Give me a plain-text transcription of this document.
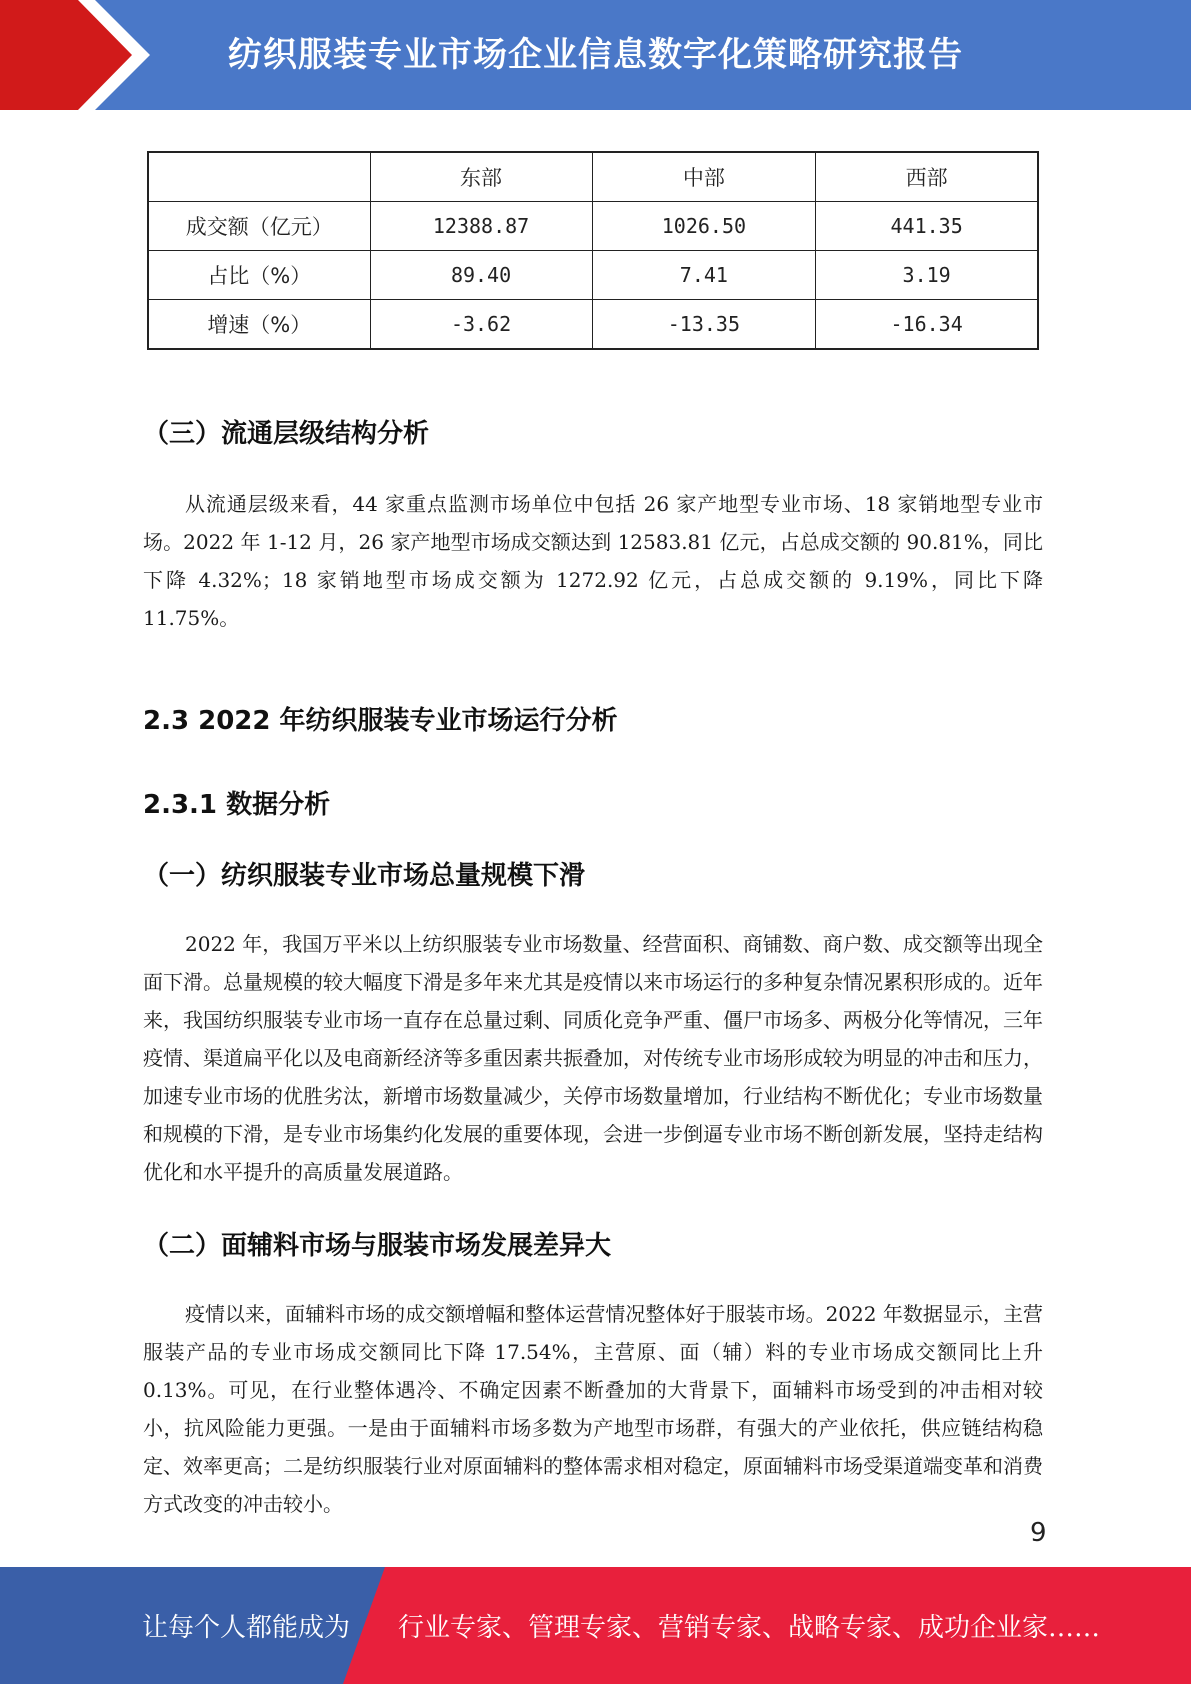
纺织服装专业市场企业信息数字化策略研究报告
	东部	中部	西部
成交额（亿元）	12388.87	1026.50	441.35
占比（%）	89.40	7.41	3.19
增速（%）	-3.62	-13.35	-16.34
（三）流通层级结构分析

从流通层级来看，44 家重点监测市场单位中包括 26 家产地型专业市场、18 家销地型专业市场。2022 年 1-12 月，26 家产地型市场成交额达到 12583.81 亿元，占总成交额的 90.81%，同比下降 4.32%；18 家销地型市场成交额为 1272.92 亿元，占总成交额的 9.19%，同比下降 11.75%。

2.3 2022 年纺织服装专业市场运行分析
2.3.1 数据分析
（一）纺织服装专业市场总量规模下滑

2022 年，我国万平米以上纺织服装专业市场数量、经营面积、商铺数、商户数、成交额等出现全面下滑。总量规模的较大幅度下滑是多年来尤其是疫情以来市场运行的多种复杂情况累积形成的。近年来，我国纺织服装专业市场一直存在总量过剩、同质化竞争严重、僵尸市场多、两极分化等情况，三年疫情、渠道扁平化以及电商新经济等多重因素共振叠加，对传统专业市场形成较为明显的冲击和压力，加速专业市场的优胜劣汰，新增市场数量减少，关停市场数量增加，行业结构不断优化；专业市场数量和规模的下滑，是专业市场集约化发展的重要体现，会进一步倒逼专业市场不断创新发展，坚持走结构优化和水平提升的高质量发展道路。

（二）面辅料市场与服装市场发展差异大

疫情以来，面辅料市场的成交额增幅和整体运营情况整体好于服装市场。2022 年数据显示，主营服装产品的专业市场成交额同比下降 17.54%，主营原、面（辅）料的专业市场成交额同比上升 0.13%。可见，在行业整体遇冷、不确定因素不断叠加的大背景下，面辅料市场受到的冲击相对较小，抗风险能力更强。一是由于面辅料市场多数为产地型市场群，有强大的产业依托，供应链结构稳定、效率更高；二是纺织服装行业对原面辅料的整体需求相对稳定，原面辅料市场受渠道端变革和消费方式改变的冲击较小。

9
让每个人都能成为 行业专家、管理专家、营销专家、战略专家、成功企业家……
